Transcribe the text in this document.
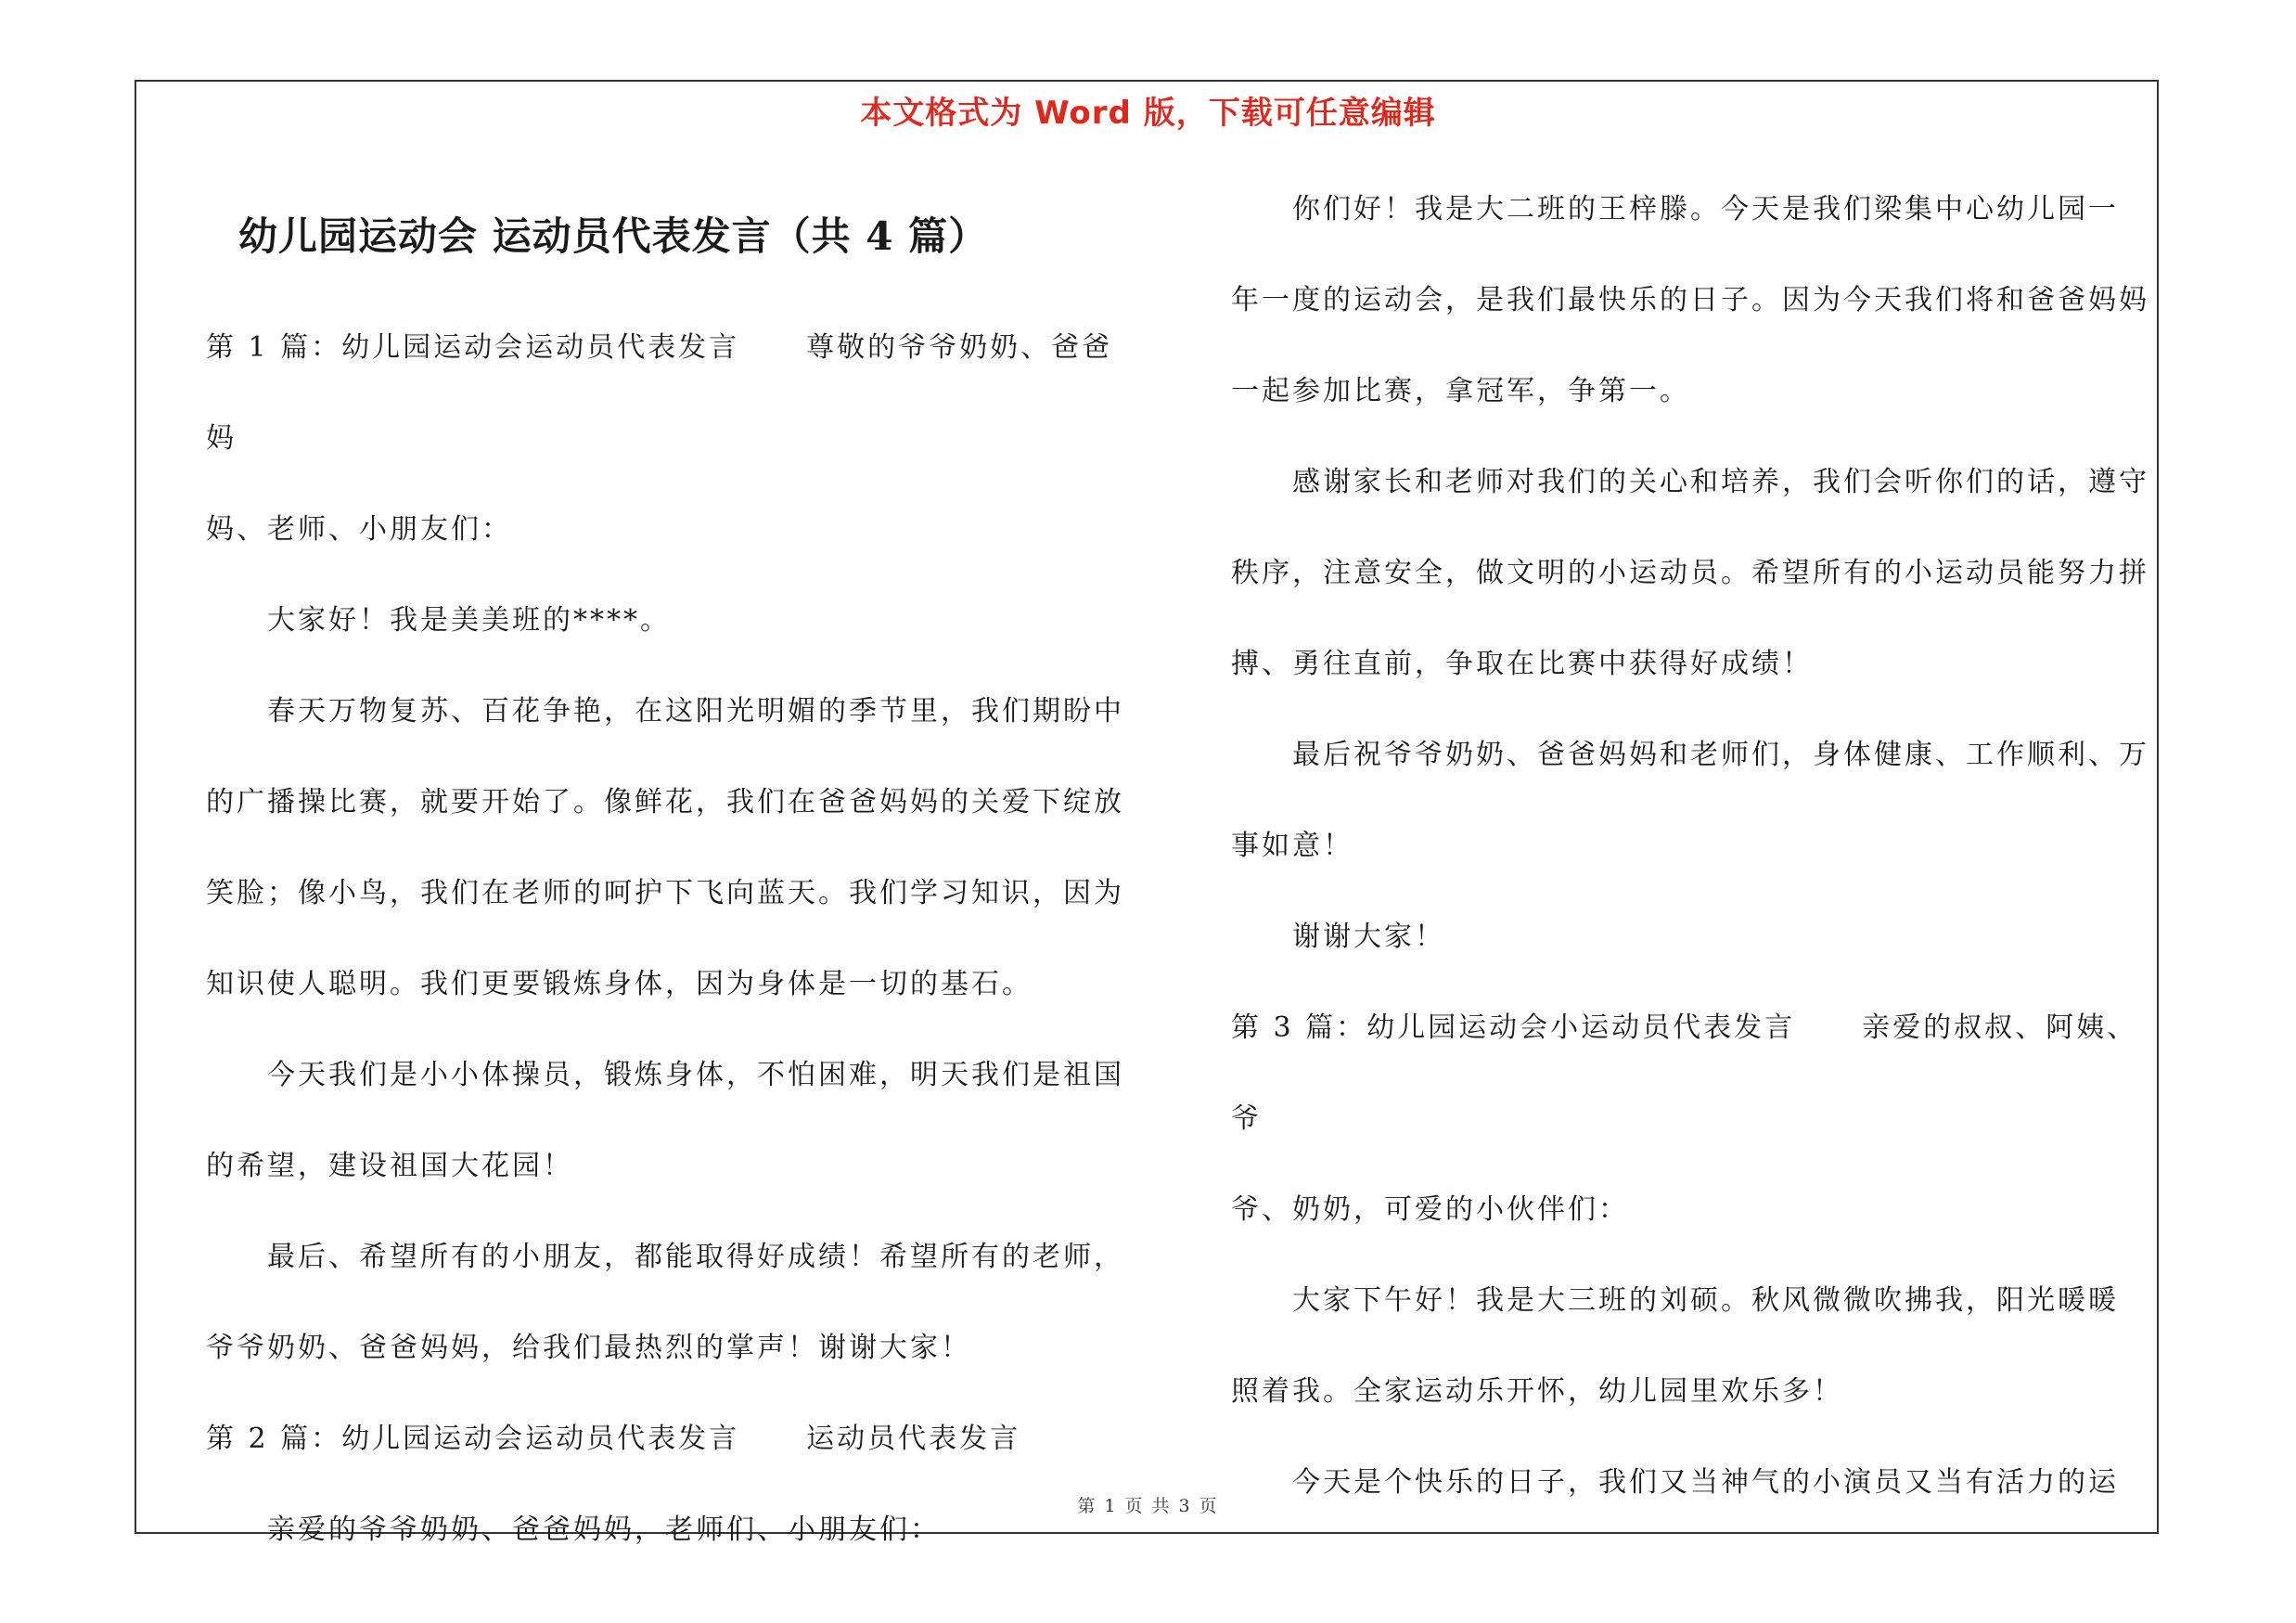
本文格式为 Word 版，下载可任意编辑
幼儿园运动会 运动员代表发言（共 4 篇）

第 1 篇：幼儿园运动会运动员代表发言 尊敬的爷爷奶奶、爸爸妈

妈、老师、小朋友们：

大家好！我是美美班的****。

春天万物复苏、百花争艳，在这阳光明媚的季节里，我们期盼中

的广播操比赛，就要开始了。像鲜花，我们在爸爸妈妈的关爱下绽放

笑脸；像小鸟，我们在老师的呵护下飞向蓝天。我们学习知识，因为

知识使人聪明。我们更要锻炼身体，因为身体是一切的基石。

今天我们是小小体操员，锻炼身体，不怕困难，明天我们是祖国

的希望，建设祖国大花园！

最后、希望所有的小朋友，都能取得好成绩！希望所有的老师，

爷爷奶奶、爸爸妈妈，给我们最热烈的掌声！谢谢大家！

第 2 篇：幼儿园运动会运动员代表发言 运动员代表发言

亲爱的爷爷奶奶、爸爸妈妈，老师们、小朋友们：

你们好！我是大二班的王梓滕。今天是我们梁集中心幼儿园一

年一度的运动会，是我们最快乐的日子。因为今天我们将和爸爸妈妈

一起参加比赛，拿冠军，争第一。

感谢家长和老师对我们的关心和培养，我们会听你们的话，遵守

秩序，注意安全，做文明的小运动员。希望所有的小运动员能努力拼

搏、勇往直前，争取在比赛中获得好成绩！

最后祝爷爷奶奶、爸爸妈妈和老师们，身体健康、工作顺利、万

事如意！

谢谢大家！

第 3 篇：幼儿园运动会小运动员代表发言 亲爱的叔叔、阿姨、爷

爷、奶奶，可爱的小伙伴们：

大家下午好！我是大三班的刘硕。秋风微微吹拂我，阳光暖暖

照着我。全家运动乐开怀，幼儿园里欢乐多！

今天是个快乐的日子，我们又当神气的小演员又当有活力的运

第 1 页 共 3 页
